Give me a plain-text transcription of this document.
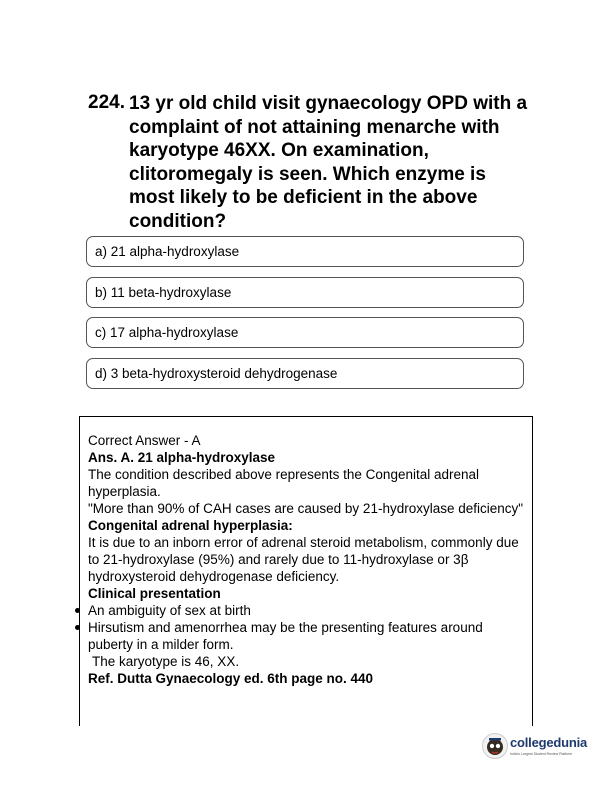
224. 13 yr old child visit gynaecology OPD with a complaint of not attaining menarche with karyotype 46XX. On examination, clitoromegaly is seen. Which enzyme is most likely to be deficient in the above condition?
a) 21 alpha-hydroxylase
b) 11 beta-hydroxylase
c) 17 alpha-hydroxylase
d) 3 beta-hydroxysteroid dehydrogenase
Correct Answer - A
Ans. A. 21 alpha-hydroxylase
The condition described above represents the Congenital adrenal hyperplasia.
"More than 90% of CAH cases are caused by 21-hydroxylase deficiency"
Congenital adrenal hyperplasia:
It is due to an inborn error of adrenal steroid metabolism, commonly due to 21-hydroxylase (95%) and rarely due to 11-hydroxylase or 3β hydroxysteroid dehydrogenase deficiency.
Clinical presentation
An ambiguity of sex at birth
Hirsutism and amenorrhea may be the presenting features around puberty in a milder form.
The karyotype is 46, XX.
Ref. Dutta Gynaecology ed. 6th page no. 440
collegedunia
India's Largest Student Review Platform
